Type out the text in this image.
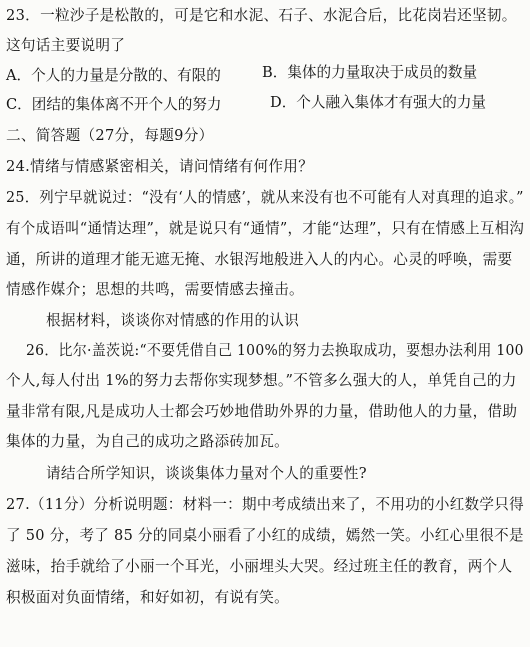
23．一粒沙子是松散的，可是它和水泥、石子、水泥合后，比花岗岩还坚韧。
这句话主要说明了
A．个人的力量是分散的、有限的	B．集体的力量取决于成员的数量
C．团结的集体离不开个人的努力	D．个人融入集体才有强大的力量
二、简答题（27分，每题9分）
24.情绪与情感紧密相关，请问情绪有何作用？
25．列宁早就说过：“没有‘人的情感’，就从来没有也不可能有人对真理的追求。”
有个成语叫“通情达理”，就是说只有“通情”，才能“达理”，只有在情感上互相沟
通，所讲的道理才能无遮无掩、水银泻地般进入人的内心。心灵的呼唤，需要
情感作媒介；思想的共鸣，需要情感去撞击。
根据材料，谈谈你对情感的作用的认识
26．比尔·盖茨说:“不要凭借自己 100%的努力去换取成功，要想办法利用 100
个人,每人付出 1%的努力去帮你实现梦想。”不管多么强大的人，单凭自己的力
量非常有限,凡是成功人士都会巧妙地借助外界的力量，借助他人的力量，借助
集体的力量，为自己的成功之路添砖加瓦。
请结合所学知识，谈谈集体力量对个人的重要性?
27.（11分）分析说明题：材料一：期中考成绩出来了，不用功的小红数学只得
了 50 分，考了 85 分的同桌小丽看了小红的成绩，嫣然一笑。小红心里很不是
滋味，抬手就给了小丽一个耳光，小丽埋头大哭。经过班主任的教育，两个人
积极面对负面情绪，和好如初，有说有笑。
